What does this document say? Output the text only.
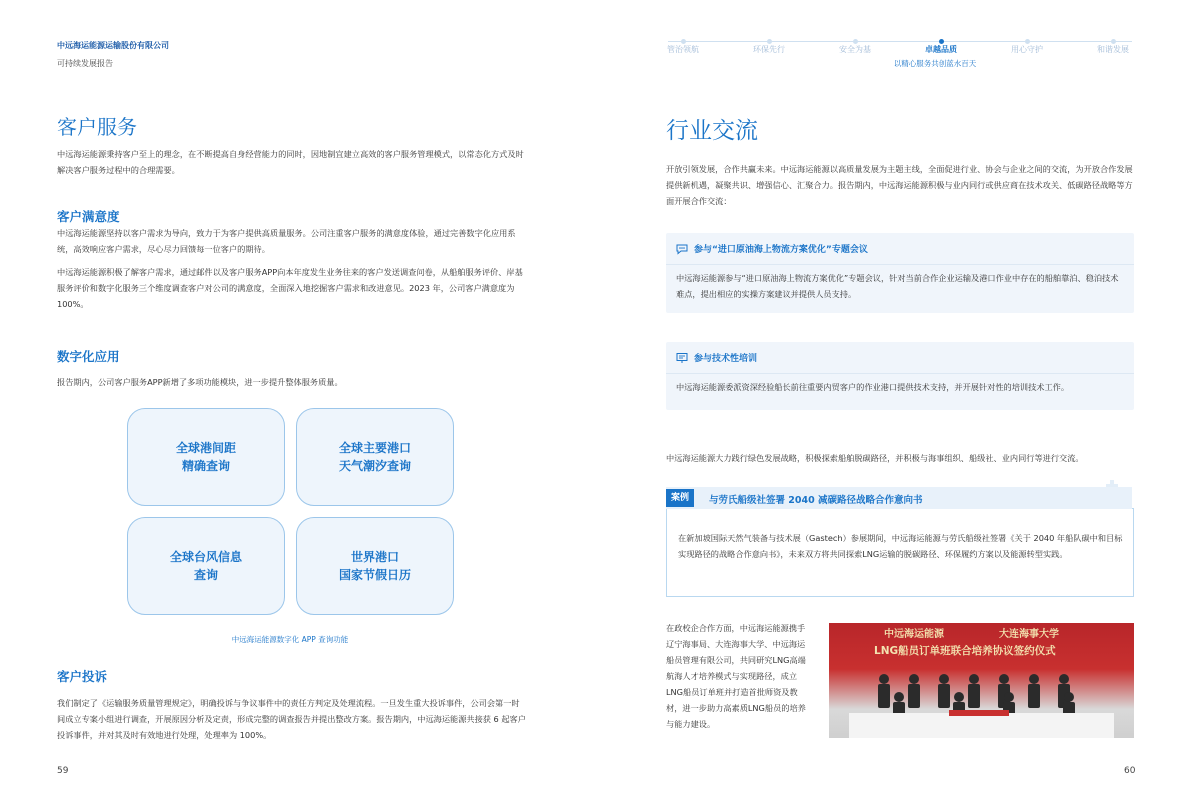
中远海运能源运输股份有限公司
可持续发展报告
客户服务
中远海运能源秉持客户至上的理念，在不断提高自身经营能力的同时，因地制宜建立高效的客户服务管理模式，以常态化方式及时解决客户服务过程中的合理需要。
客户满意度
中远海运能源坚持以客户需求为导向，致力于为客户提供高质量服务。公司注重客户服务的满意度体验，通过完善数字化应用系统，高效响应客户需求，尽心尽力回馈每一位客户的期待。
中远海运能源积极了解客户需求，通过邮件以及客户服务APP向本年度发生业务往来的客户发送调查问卷，从船舶服务评价、岸基服务评价和数字化服务三个维度调查客户对公司的满意度，全面深入地挖掘客户需求和改进意见。2023 年，公司客户满意度为 100%。
数字化应用
报告期内，公司客户服务APP新增了多项功能模块，进一步提升整体服务质量。
全球港间距
精确查询
全球主要港口
天气潮汐查询
全球台风信息
查询
世界港口
国家节假日历
中远海运能源数字化 APP 查询功能
客户投诉
我们制定了《运输服务质量管理规定》，明确投诉与争议事件中的责任方判定及处理流程。一旦发生重大投诉事件，公司会第一时间成立专案小组进行调查，开展原因分析及定责，形成完整的调查报告并提出整改方案。报告期内，中远海运能源共接获 6 起客户投诉事件，并对其及时有效地进行处理，处理率为 100%。
59
管治领航	环保先行	安全为基	卓越品质	用心守护	和谐发展
以精心服务共创蓝水百天
行业交流
开放引领发展，合作共赢未来。中远海运能源以高质量发展为主题主线，全面促进行业、协会与企业之间的交流，为开放合作发展提供新机遇，凝聚共识、增强信心、汇聚合力。报告期内，中远海运能源积极与业内同行或供应商在技术攻关、低碳路径战略等方面开展合作交流：
参与“进口原油海上物流方案优化”专题会议
中远海运能源参与“进口原油海上物流方案优化”专题会议，针对当前合作企业运输及港口作业中存在的船舶靠泊、稳泊技术难点，提出相应的实操方案建议并提供人员支持。
参与技术性培训
中远海运能源委派资深经验船长前往重要内贸客户的作业港口提供技术支持，并开展针对性的培训技术工作。
中远海运能源大力践行绿色发展战略，积极探索船舶脱碳路径，并积极与海事组织、船级社、业内同行等进行交流。
案例	与劳氏船级社签署 2040 减碳路径战略合作意向书
在新加坡国际天然气装备与技术展（Gastech）参展期间，中远海运能源与劳氏船级社签署《关于 2040 年船队碳中和目标实现路径的战略合作意向书》，未来双方将共同探索LNG运输的脱碳路径、环保履约方案以及能源转型实践。
在政校企合作方面，中远海运能源携手辽宁海事局、大连海事大学、中远海运船员管理有限公司，共同研究LNG高端航海人才培养模式与实现路径，成立LNG船员订单班并打造首批师资及教材，进一步助力高素质LNG船员的培养与能力建设。
中远海运能源	大连海事大学
LNG船员订单班联合培养协议签约仪式
60
